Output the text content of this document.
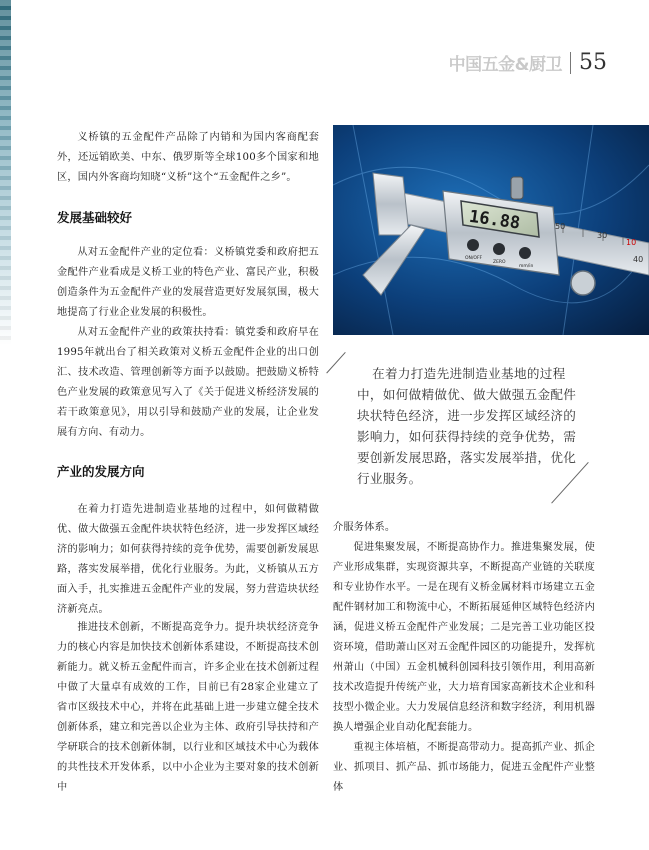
中国五金&厨卫 55

义桥镇的五金配件产品除了内销和为国内客商配套外，还远销欧美、中东、俄罗斯等全球100多个国家和地区，国内外客商均知晓“义桥”这个“五金配件之乡”。

发展基础较好

从对五金配件产业的定位看：义桥镇党委和政府把五金配件产业看成是义桥工业的特色产业、富民产业，积极创造条件为五金配件产业的发展营造更好发展氛围，极大地提高了行业企业发展的积极性。

从对五金配件产业的政策扶持看：镇党委和政府早在1995年就出台了相关政策对义桥五金配件企业的出口创汇、技术改造、管理创新等方面予以鼓励。把鼓励义桥特色产业发展的政策意见写入了《关于促进义桥经济发展的若干政策意见》，用以引导和鼓励产业的发展，让企业发展有方向、有动力。

50
30
10
40
16.88
ON/OFF
ZERO
mm/in

在着力打造先进制造业基地的过程中，如何做精做优、做大做强五金配件块状特色经济，进一步发挥区域经济的影响力，如何获得持续的竞争优势，需要创新发展思路，落实发展举措，优化行业服务。

产业的发展方向

在着力打造先进制造业基地的过程中，如何做精做优、做大做强五金配件块状特色经济，进一步发挥区域经济的影响力；如何获得持续的竞争优势，需要创新发展思路，落实发展举措，优化行业服务。为此，义桥镇从五方面入手，扎实推进五金配件产业的发展，努力营造块状经济新亮点。

推进技术创新，不断提高竞争力。提升块状经济竞争力的核心内容是加快技术创新体系建设，不断提高技术创新能力。就义桥五金配件而言，许多企业在技术创新过程中做了大量卓有成效的工作，目前已有28家企业建立了省市区级技术中心，并将在此基础上进一步建立健全技术创新体系，建立和完善以企业为主体、政府引导扶持和产学研联合的技术创新体制，以行业和区域技术中心为载体的共性技术开发体系，以中小企业为主要对象的技术创新中

介服务体系。

促进集聚发展，不断提高协作力。推进集聚发展，使产业形成集群，实现资源共享，不断提高产业链的关联度和专业协作水平。一是在现有义桥金属材料市场建立五金配件钢材加工和物流中心，不断拓展延伸区域特色经济内涵，促进义桥五金配件产业发展；二是完善工业功能区投资环境，借助萧山区对五金配件园区的功能提升，发挥杭州萧山（中国）五金机械科创园科技引领作用，利用高新技术改造提升传统产业，大力培育国家高新技术企业和科技型小微企业。大力发展信息经济和数字经济，利用机器换人增强企业自动化配套能力。

重视主体培植，不断提高带动力。提高抓产业、抓企业、抓项目、抓产品、抓市场能力，促进五金配件产业整体
